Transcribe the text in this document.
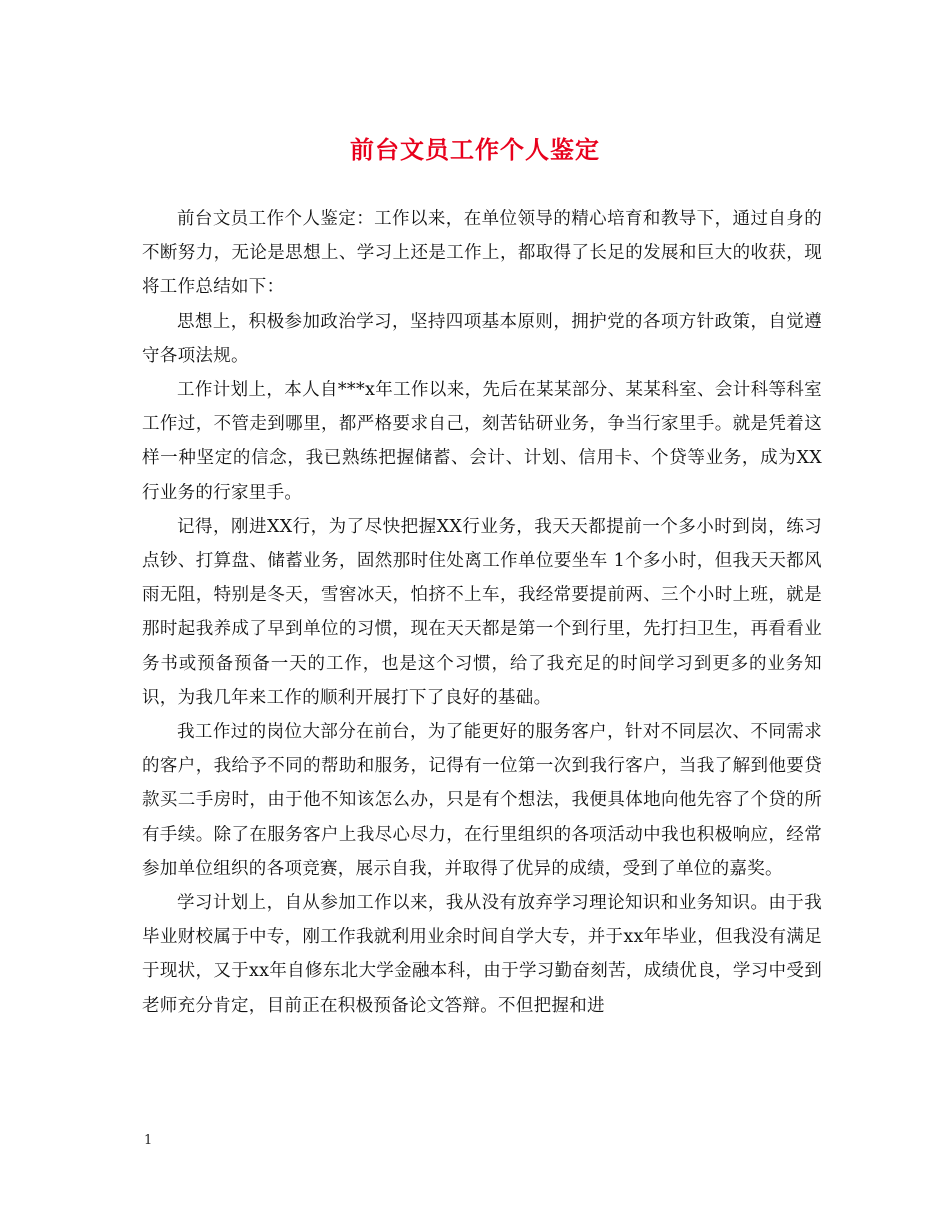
前台文员工作个人鉴定

前台文员工作个人鉴定：工作以来，在单位领导的精心培育和教导下，通过自身的不断努力，无论是思想上、学习上还是工作上，都取得了长足的发展和巨大的收获，现将工作总结如下：

思想上，积极参加政治学习，坚持四项基本原则，拥护党的各项方针政策，自觉遵守各项法规。

工作计划上，本人自***x年工作以来，先后在某某部分、某某科室、会计科等科室工作过，不管走到哪里，都严格要求自己，刻苦钻研业务，争当行家里手。就是凭着这样一种坚定的信念，我已熟练把握储蓄、会计、计划、信用卡、个贷等业务，成为XX行业务的行家里手。

记得，刚进XX行，为了尽快把握XX行业务，我天天都提前一个多小时到岗，练习点钞、打算盘、储蓄业务，固然那时住处离工作单位要坐车 1个多小时，但我天天都风雨无阻，特别是冬天，雪窖冰天，怕挤不上车，我经常要提前两、三个小时上班，就是那时起我养成了早到单位的习惯，现在天天都是第一个到行里，先打扫卫生，再看看业务书或预备预备一天的工作，也是这个习惯，给了我充足的时间学习到更多的业务知识，为我几年来工作的顺利开展打下了良好的基础。

我工作过的岗位大部分在前台，为了能更好的服务客户，针对不同层次、不同需求的客户，我给予不同的帮助和服务，记得有一位第一次到我行客户，当我了解到他要贷款买二手房时，由于他不知该怎么办，只是有个想法，我便具体地向他先容了个贷的所有手续。除了在服务客户上我尽心尽力，在行里组织的各项活动中我也积极响应，经常参加单位组织的各项竞赛，展示自我，并取得了优异的成绩，受到了单位的嘉奖。

学习计划上，自从参加工作以来，我从没有放弃学习理论知识和业务知识。由于我毕业财校属于中专，刚工作我就利用业余时间自学大专，并于xx年毕业，但我没有满足于现状，又于xx年自修东北大学金融本科，由于学习勤奋刻苦，成绩优良，学习中受到老师充分肯定，目前正在积极预备论文答辩。不但把握和进

1
